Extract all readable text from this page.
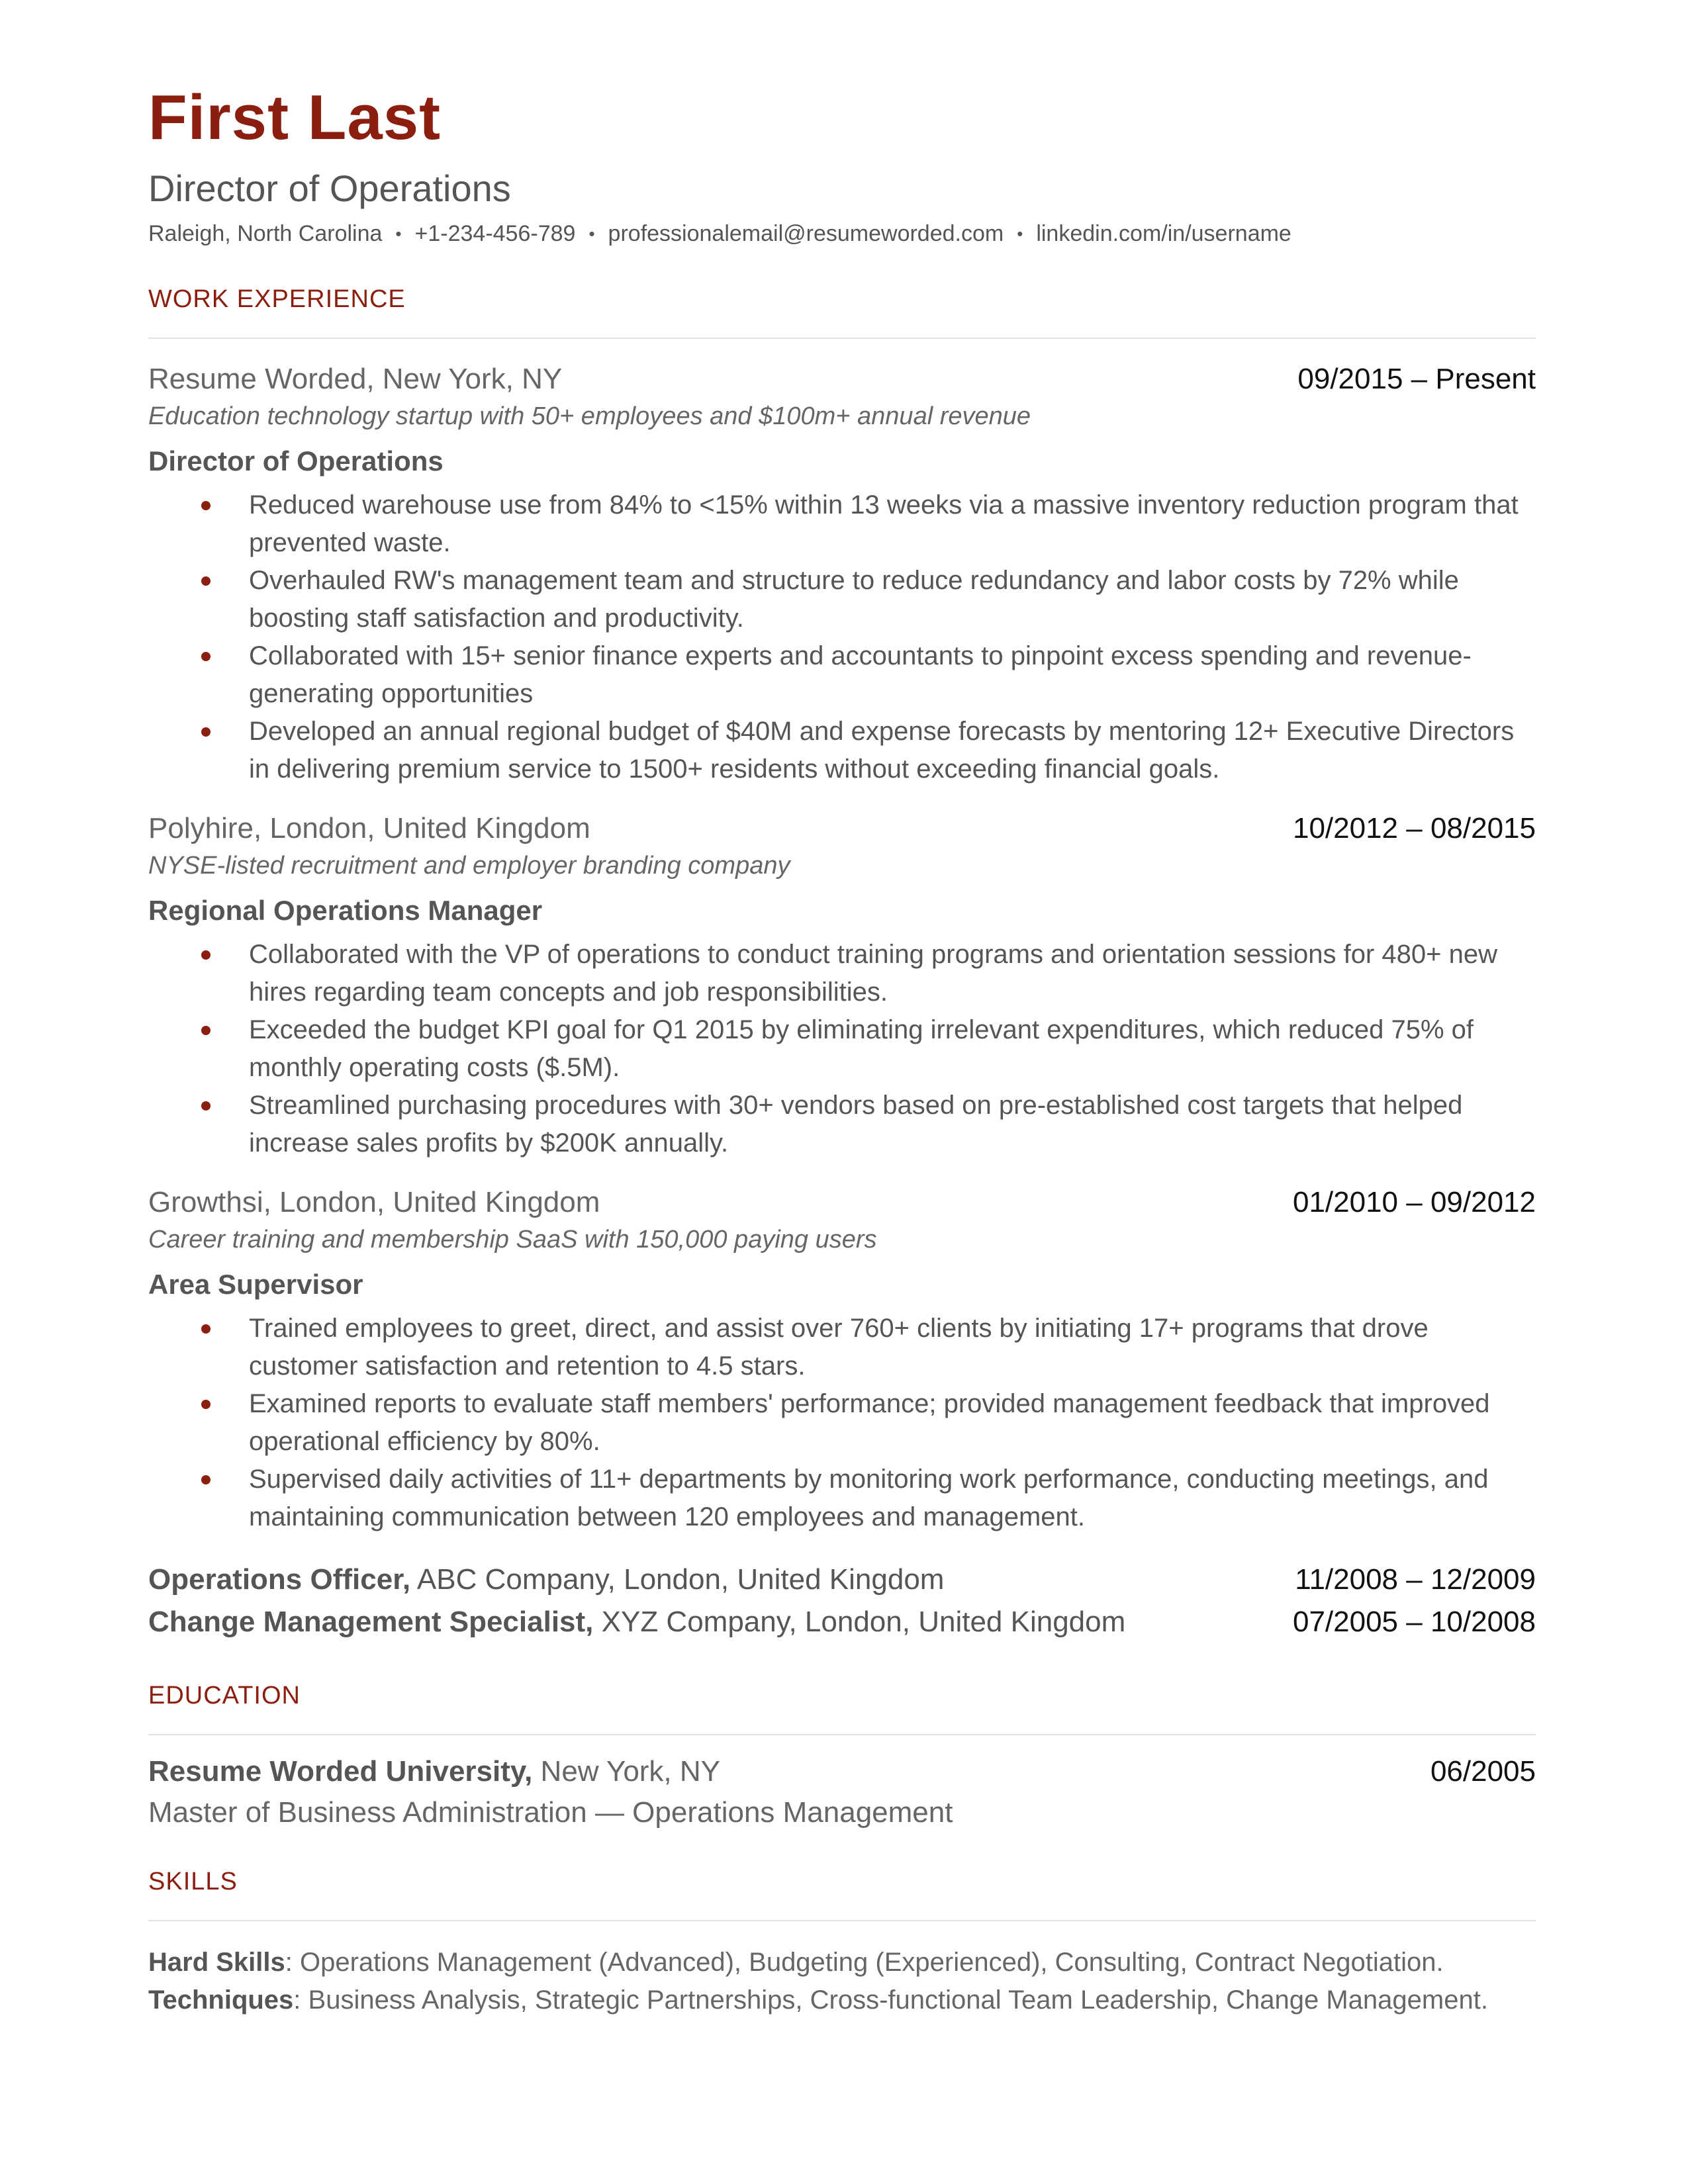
First Last
Director of Operations
Raleigh, North Carolina • +1-234-456-789 • professionalemail@resumeworded.com • linkedin.com/in/username
WORK EXPERIENCE
Resume Worded, New York, NY	09/2015 – Present
Education technology startup with 50+ employees and $100m+ annual revenue
Director of Operations
Reduced warehouse use from 84% to <15% within 13 weeks via a massive inventory reduction program that prevented waste.
Overhauled RW's management team and structure to reduce redundancy and labor costs by 72% while boosting staff satisfaction and productivity.
Collaborated with 15+ senior finance experts and accountants to pinpoint excess spending and revenue-generating opportunities
Developed an annual regional budget of $40M and expense forecasts by mentoring 12+ Executive Directors in delivering premium service to 1500+ residents without exceeding financial goals.
Polyhire, London, United Kingdom	10/2012 – 08/2015
NYSE-listed recruitment and employer branding company
Regional Operations Manager
Collaborated with the VP of operations to conduct training programs and orientation sessions for 480+ new hires regarding team concepts and job responsibilities.
Exceeded the budget KPI goal for Q1 2015 by eliminating irrelevant expenditures, which reduced 75% of monthly operating costs ($.5M).
Streamlined purchasing procedures with 30+ vendors based on pre-established cost targets that helped increase sales profits by $200K annually.
Growthsi, London, United Kingdom	01/2010 – 09/2012
Career training and membership SaaS with 150,000 paying users
Area Supervisor
Trained employees to greet, direct, and assist over 760+ clients by initiating 17+ programs that drove customer satisfaction and retention to 4.5 stars.
Examined reports to evaluate staff members' performance; provided management feedback that improved operational efficiency by 80%.
Supervised daily activities of 11+ departments by monitoring work performance, conducting meetings, and maintaining communication between 120 employees and management.
Operations Officer, ABC Company, London, United Kingdom	11/2008 – 12/2009
Change Management Specialist, XYZ Company, London, United Kingdom	07/2005 – 10/2008
EDUCATION
Resume Worded University, New York, NY	06/2005
Master of Business Administration — Operations Management
SKILLS
Hard Skills: Operations Management (Advanced), Budgeting (Experienced), Consulting, Contract Negotiation.
Techniques: Business Analysis, Strategic Partnerships, Cross-functional Team Leadership, Change Management.
